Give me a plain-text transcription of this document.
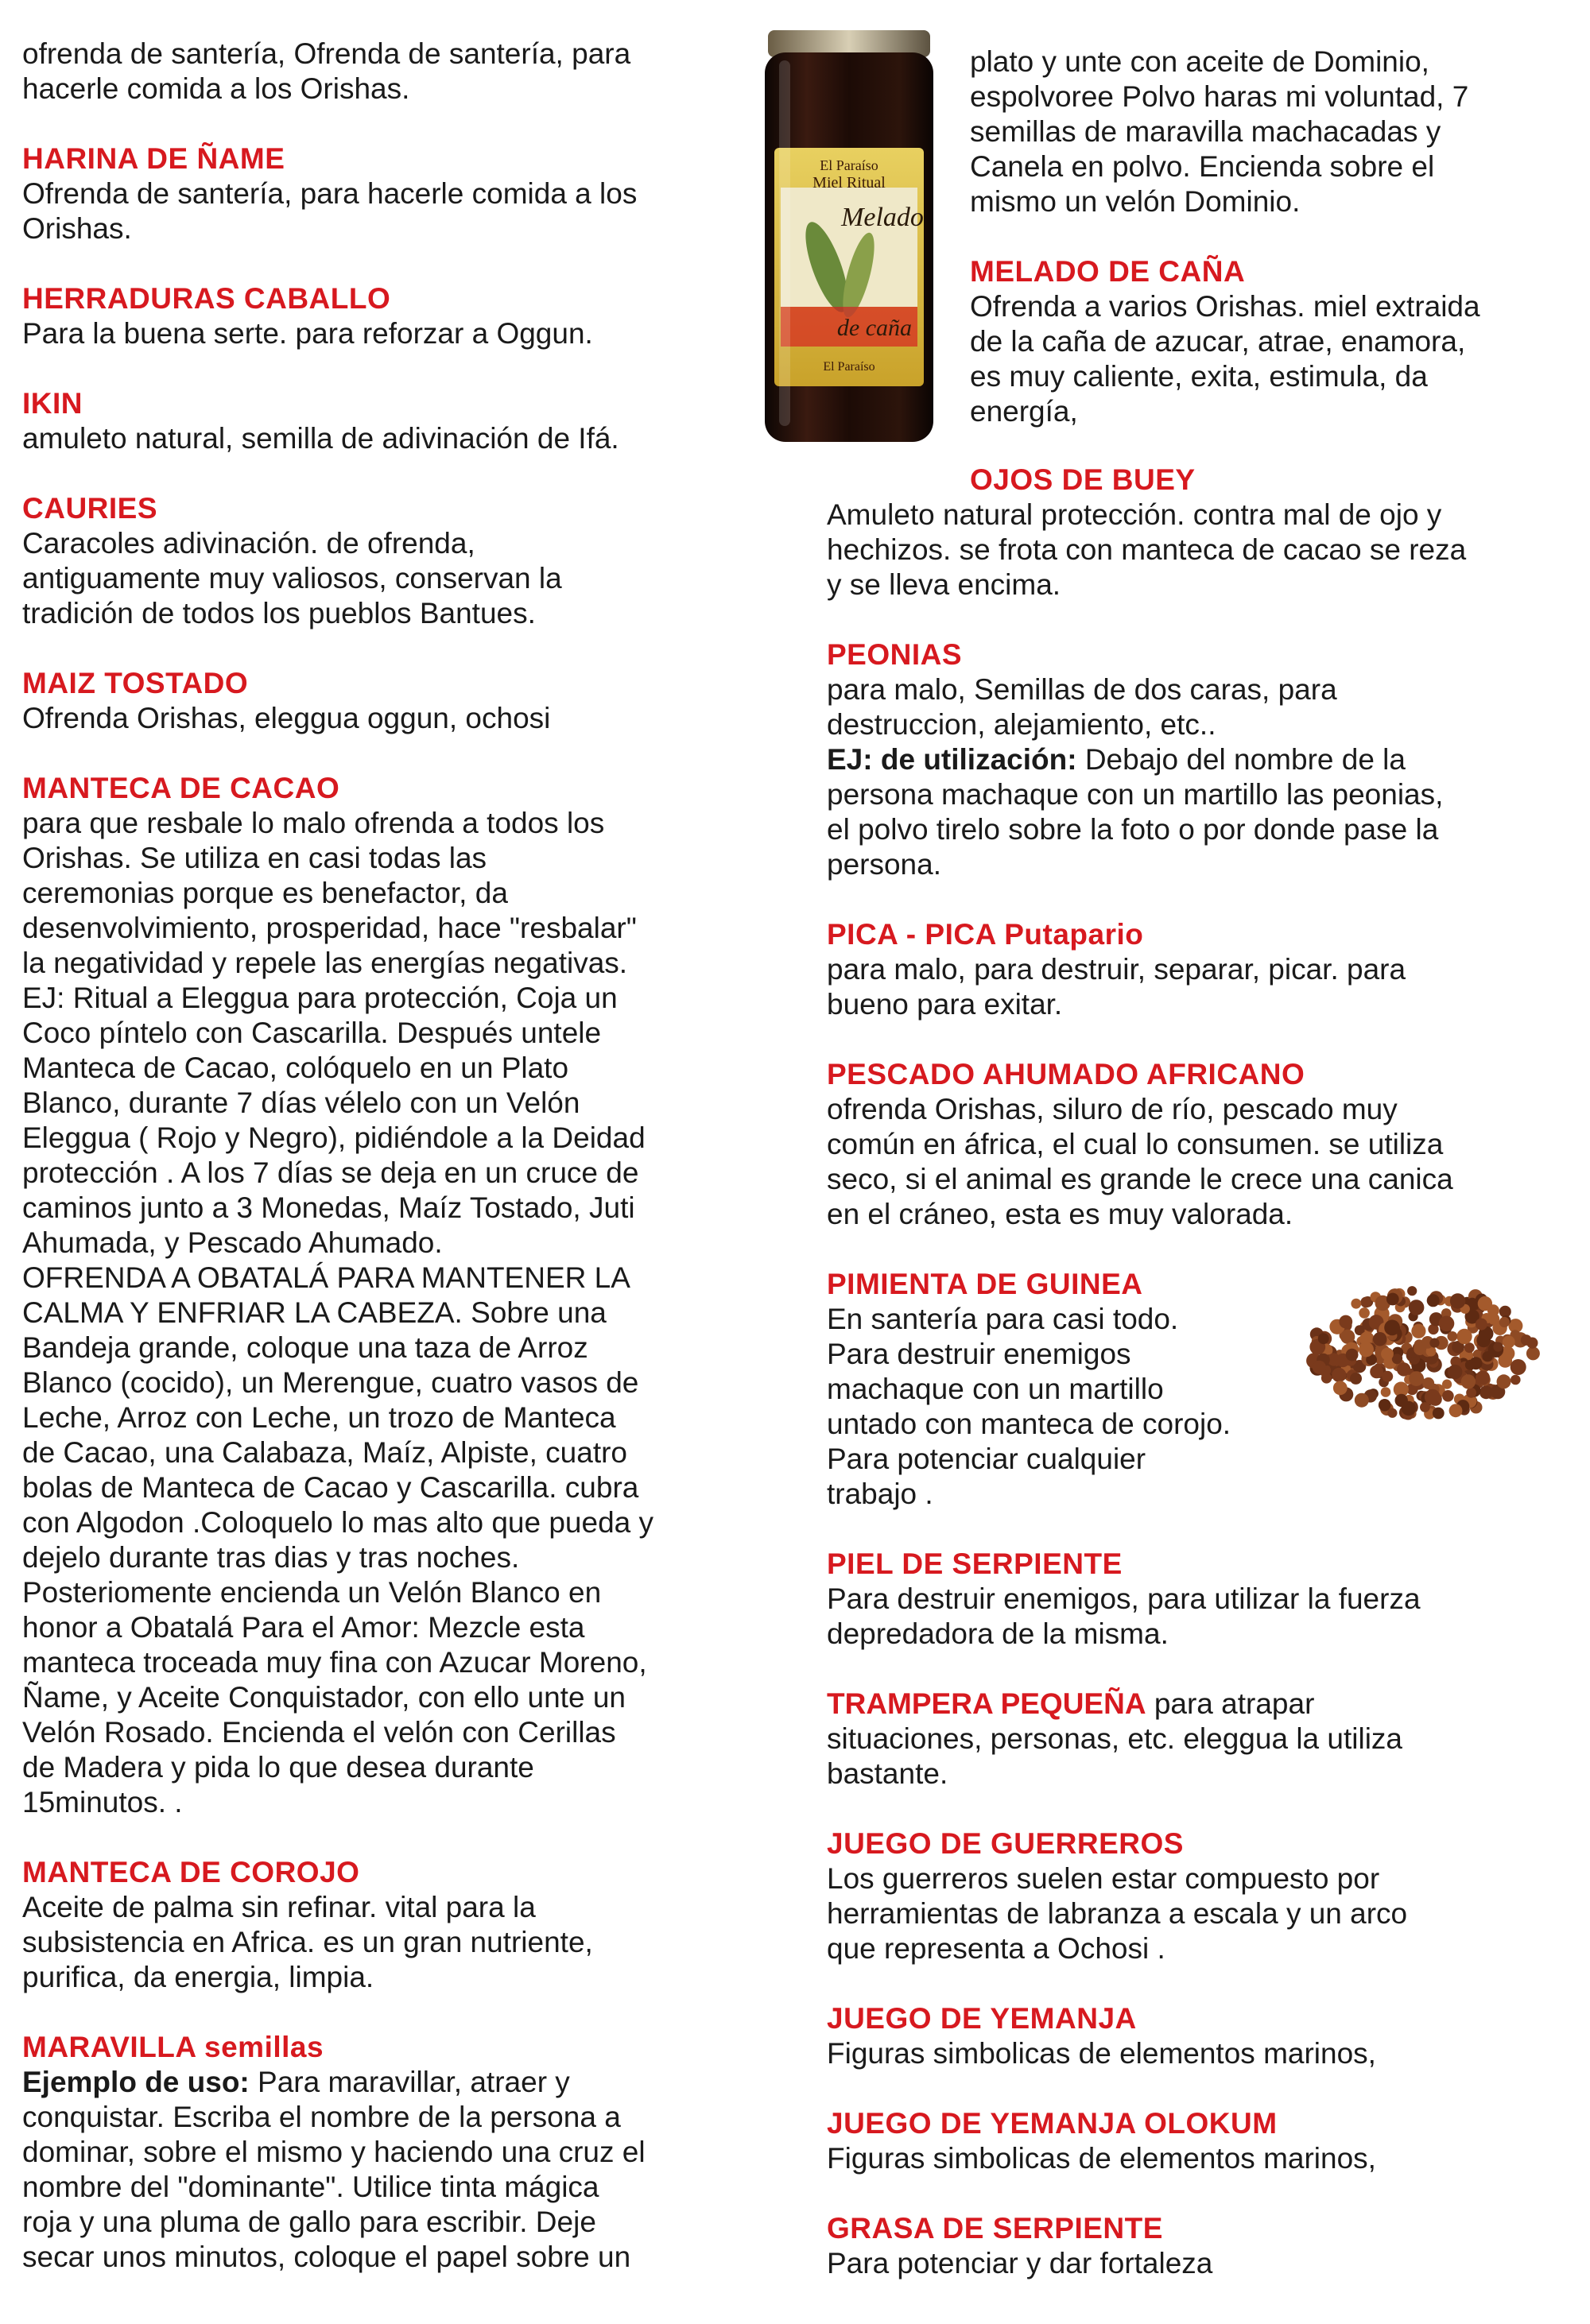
ofrenda de santería, Ofrenda de santería, para
hacerle comida a los Orishas.

HARINA DE ÑAME

Ofrenda de santería, para hacerle comida a los
Orishas.

HERRADURAS CABALLO

Para la buena serte. para reforzar a Oggun.

IKIN

amuleto natural, semilla de adivinación de Ifá.

CAURIES

Caracoles adivinación. de ofrenda,
antiguamente muy valiosos, conservan la
tradición de todos los pueblos Bantues.

MAIZ TOSTADO

Ofrenda Orishas, eleggua oggun, ochosi

MANTECA DE CACAO

para que resbale lo malo ofrenda a todos los
Orishas. Se utiliza en casi todas las
ceremonias porque es benefactor, da
desenvolvimiento, prosperidad, hace "resbalar"
la negatividad y repele las energías negativas.
EJ: Ritual a Eleggua para protección, Coja un
Coco píntelo con Cascarilla. Después untele
Manteca de Cacao, colóquelo en un Plato
Blanco, durante 7 días vélelo con un Velón
Eleggua ( Rojo y Negro), pidiéndole a la Deidad
protección . A los 7 días se deja en un cruce de
caminos junto a 3 Monedas, Maíz Tostado, Juti
Ahumada, y Pescado Ahumado.
OFRENDA A OBATALÁ PARA MANTENER LA
CALMA Y ENFRIAR LA CABEZA. Sobre una
Bandeja grande, coloque una taza de Arroz
Blanco (cocido), un Merengue, cuatro vasos de
Leche, Arroz con Leche, un trozo de Manteca
de Cacao, una Calabaza, Maíz, Alpiste, cuatro
bolas de Manteca de Cacao y Cascarilla. cubra
con Algodon .Coloquelo lo mas alto que pueda y
dejelo durante tras dias y tras noches.
Posteriomente encienda un Velón Blanco en
honor a Obatalá Para el Amor: Mezcle esta
manteca troceada muy fina con Azucar Moreno,
Ñame, y Aceite Conquistador, con ello unte un
Velón Rosado. Encienda el velón con Cerillas
de Madera y pida lo que desea durante
15minutos. .

MANTECA DE COROJO

Aceite de palma sin refinar. vital para la
subsistencia en Africa. es un gran nutriente,
purifica, da energia, limpia.

MARAVILLA semillas

Ejemplo de uso: Para maravillar, atraer y
conquistar. Escriba el nombre de la persona a
dominar, sobre el mismo y haciendo una cruz el
nombre del "dominante". Utilice tinta mágica
roja y una pluma de gallo para escribir. Deje
secar unos minutos, coloque el papel sobre un

El Paraíso
Miel Ritual
Melado
de caña
El Paraíso

plato y unte con aceite de Dominio,
espolvoree Polvo haras mi voluntad, 7
semillas de maravilla machacadas y
Canela en polvo. Encienda sobre el
mismo un velón Dominio.

MELADO DE CAÑA

Ofrenda a varios Orishas. miel extraida
de la caña de azucar, atrae, enamora,
es muy caliente, exita, estimula, da
energía,

OJOS DE BUEY

Amuleto natural protección. contra mal de ojo y
hechizos. se frota con manteca de cacao se reza
y se lleva encima.

PEONIAS

para malo, Semillas de dos caras, para
destruccion, alejamiento, etc..
EJ: de utilización: Debajo del nombre de la
persona machaque con un martillo las peonias,
el polvo tirelo sobre la foto o por donde pase la
persona.

PICA - PICA Putapario

para malo, para destruir, separar, picar. para
bueno para exitar.

PESCADO AHUMADO AFRICANO

ofrenda Orishas, siluro de río, pescado muy
común en áfrica, el cual lo consumen. se utiliza
seco, si el animal es grande le crece una canica
en el cráneo, esta es muy valorada.

PIMIENTA DE GUINEA

En santería para casi todo.
Para destruir enemigos
machaque con un martillo
untado con manteca de corojo.
Para potenciar cualquier
trabajo .

PIEL DE SERPIENTE

Para destruir enemigos, para utilizar la fuerza
depredadora de la misma.

TRAMPERA PEQUEÑA para atrapar

situaciones, personas, etc. eleggua la utiliza
bastante.

JUEGO DE GUERREROS

Los guerreros suelen estar compuesto por
herramientas de labranza a escala y un arco
que representa a Ochosi .

JUEGO DE YEMANJA

Figuras simbolicas de elementos marinos,

JUEGO DE YEMANJA OLOKUM

Figuras simbolicas de elementos marinos,

GRASA DE SERPIENTE

Para potenciar y dar fortaleza
